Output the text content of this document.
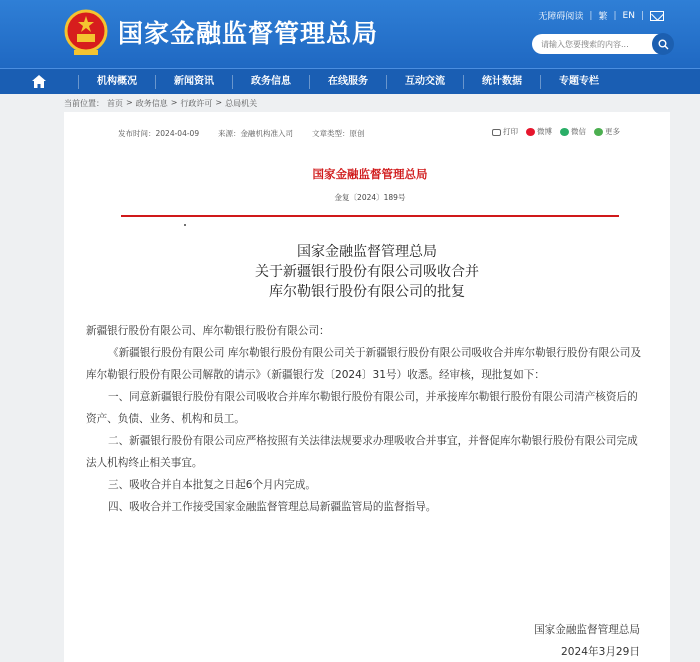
国家金融监督管理总局
无障碍阅读 | 繁 | EN |
请输入您要搜索的内容...
机构概况	新闻资讯	政务信息	在线服务	互动交流	统计数据	专题专栏
当前位置： 首页 > 政务信息 > 行政许可 > 总局机关
发布时间：2024-04-09	来源：金融机构准入司	文章类型：原创	打印	微博	微信	更多
国家金融监督管理总局
金复〔2024〕189号
国家金融监督管理总局
关于新疆银行股份有限公司吸收合并
库尔勒银行股份有限公司的批复

新疆银行股份有限公司、库尔勒银行股份有限公司：

《新疆银行股份有限公司 库尔勒银行股份有限公司关于新疆银行股份有限公司吸收合并库尔勒银行股份有限公司及库尔勒银行股份有限公司解散的请示》（新疆银行发〔2024〕31号）收悉。经审核，现批复如下：

一、同意新疆银行股份有限公司吸收合并库尔勒银行股份有限公司，并承接库尔勒银行股份有限公司清产核资后的资产、负债、业务、机构和员工。

二、新疆银行股份有限公司应严格按照有关法律法规要求办理吸收合并事宜，并督促库尔勒银行股份有限公司完成法人机构终止相关事宜。

三、吸收合并自本批复之日起6个月内完成。

四、吸收合并工作接受国家金融监督管理总局新疆监管局的监督指导。

国家金融监督管理总局
2024年3月29日
